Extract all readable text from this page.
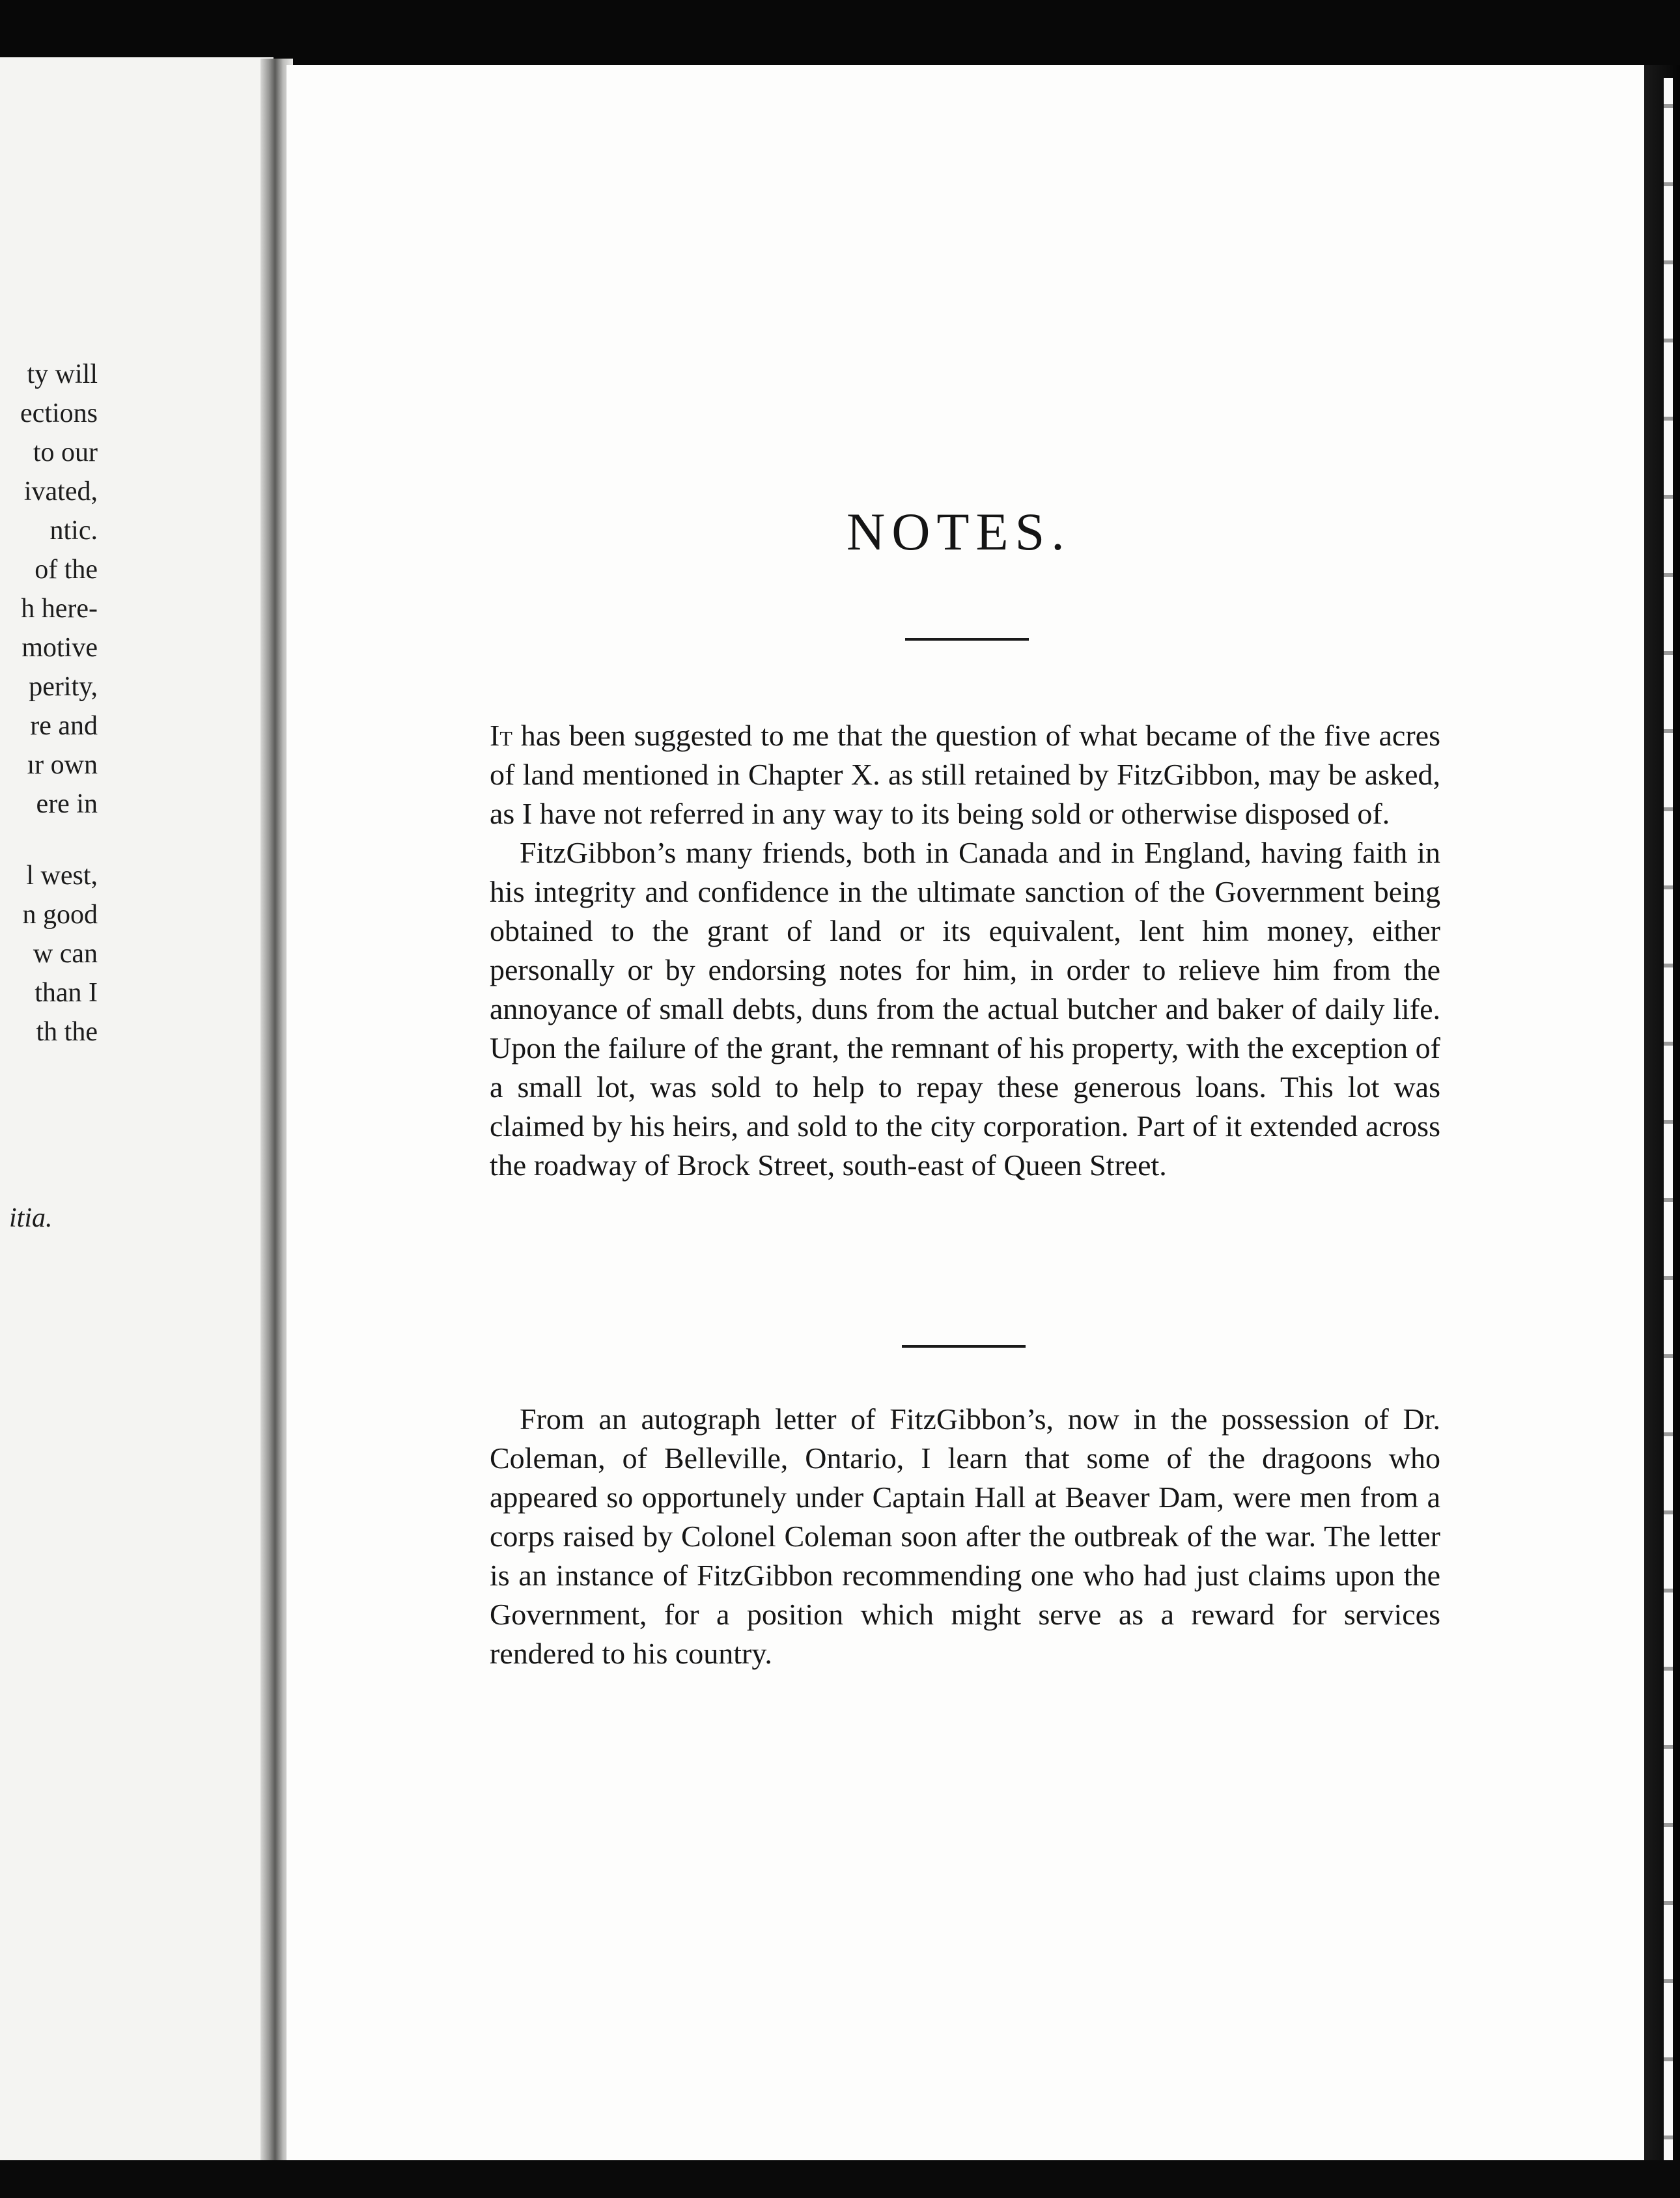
ty will
ections
to our
ivated,
ntic.
of the
h here-
motive
perity,
re and
ır own
ere in
l west,
n good
w can
than I
th the
itia.
NOTES.

It has been suggested to me that the question of what became of the five acres of land mentioned in Chapter X. as still retained by FitzGibbon, may be asked, as I have not referred in any way to its being sold or otherwise disposed of.

FitzGibbon’s many friends, both in Canada and in England, having faith in his integrity and confidence in the ultimate sanction of the Government being obtained to the grant of land or its equivalent, lent him money, either personally or by endorsing notes for him, in order to relieve him from the annoyance of small debts, duns from the actual butcher and baker of daily life. Upon the failure of the grant, the remnant of his property, with the exception of a small lot, was sold to help to repay these generous loans. This lot was claimed by his heirs, and sold to the city corporation. Part of it extended across the roadway of Brock Street, south-east of Queen Street.

From an autograph letter of FitzGibbon’s, now in the possession of Dr. Coleman, of Belleville, Ontario, I learn that some of the dragoons who appeared so opportunely under Captain Hall at Beaver Dam, were men from a corps raised by Colonel Coleman soon after the outbreak of the war. The letter is an instance of FitzGibbon recommending one who had just claims upon the Government, for a position which might serve as a reward for services rendered to his country.
